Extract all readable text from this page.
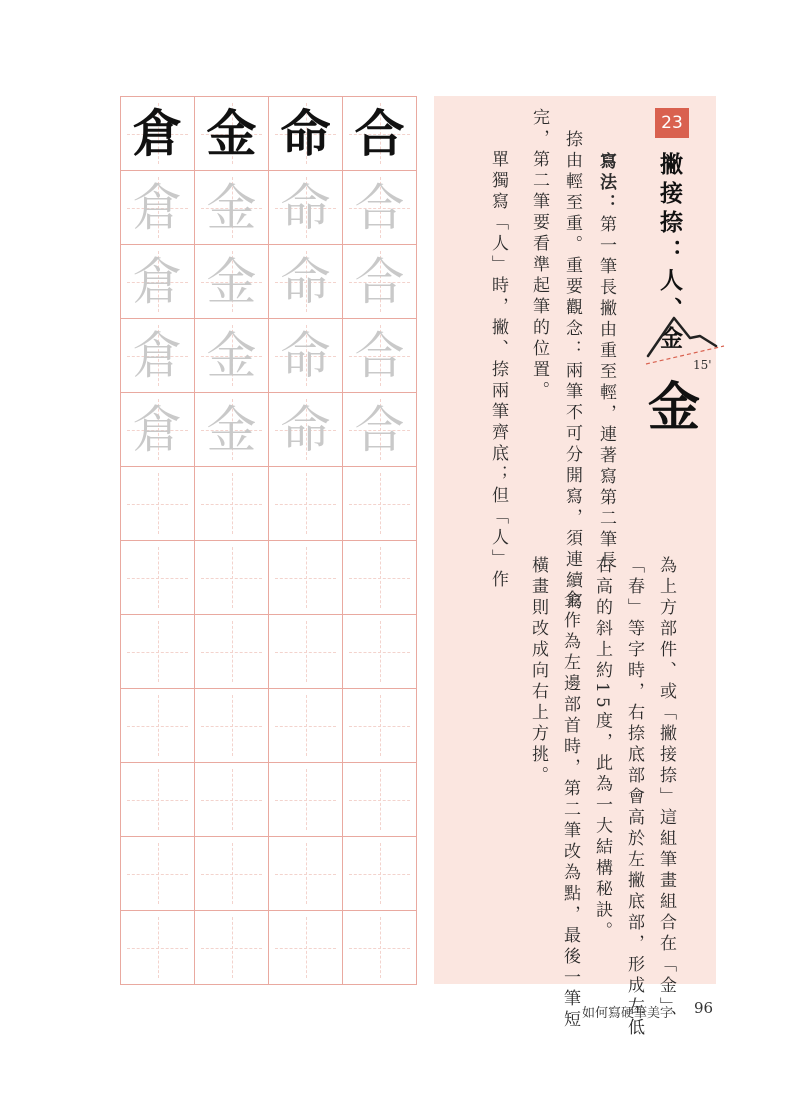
倉 金 命 合
倉 金 命 合
倉 金 命 合
倉 金 命 合
倉 金 命 合
23
撇接捺：人、金
15'
金
寫法：第一筆長撇由重至輕，連著寫第二筆長
捺由輕至重。重要觀念：兩筆不可分開寫，須連續寫
完，第二筆要看準起筆的位置。
單獨寫「人」時，撇、捺兩筆齊底；但「人」作
為上方部件、或「撇接捺」這組筆畫組合在「金」、
「春」等字時，右捺底部會高於左撇底部，形成左低
右高的斜上約15度，此為一大結構秘訣。
金作為左邊部首時，第二筆改為點，最後一筆短
橫畫則改成向右上方挑。
如何寫硬筆美字 96
